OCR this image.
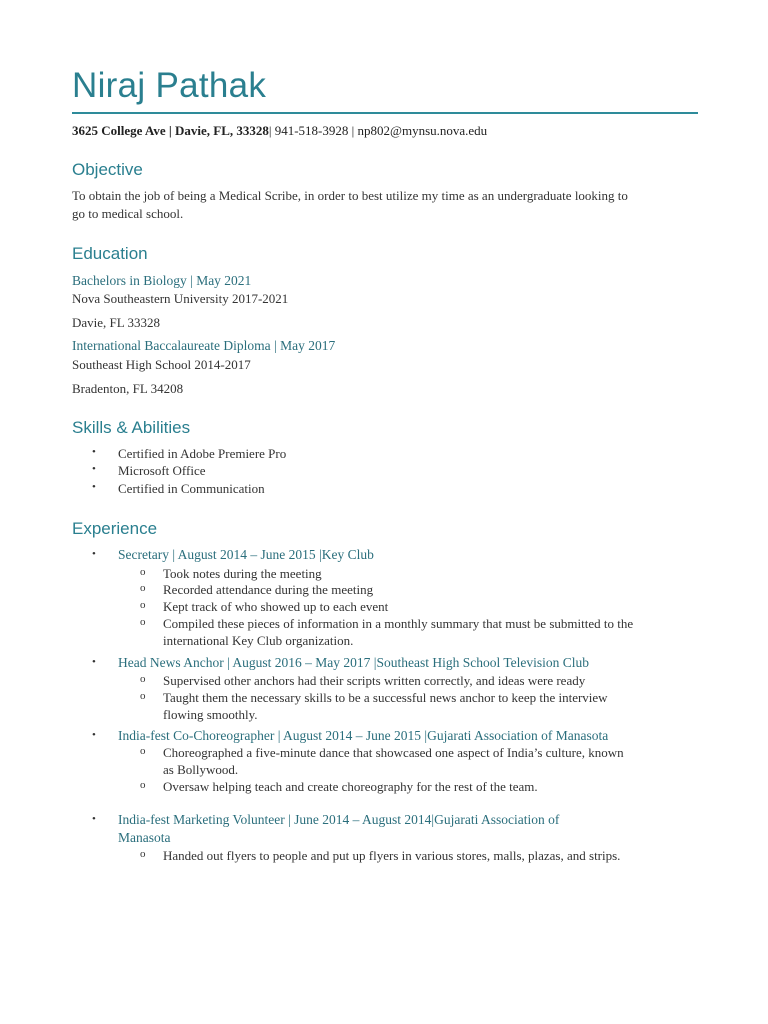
Niraj Pathak
3625 College Ave | Davie, FL, 33328| 941-518-3928 | np802@mynsu.nova.edu
Objective
To obtain the job of being a Medical Scribe, in order to best utilize my time as an undergraduate looking to
go to medical school.
Education
Bachelors in Biology | May 2021
Nova Southeastern University 2017-2021
Davie, FL 33328
International Baccalaureate Diploma | May 2017
Southeast High School 2014-2017
Bradenton, FL 34208
Skills & Abilities
•	Certified in Adobe Premiere Pro
•	Microsoft Office
•	Certified in Communication
Experience
•	Secretary | August 2014 – June 2015 |Key Club
o	Took notes during the meeting
o	Recorded attendance during the meeting
o	Kept track of who showed up to each event
o	Compiled these pieces of information in a monthly summary that must be submitted to the
international Key Club organization.
•	Head News Anchor | August 2016 – May 2017 |Southeast High School Television Club
o	Supervised other anchors had their scripts written correctly, and ideas were ready
o	Taught them the necessary skills to be a successful news anchor to keep the interview
flowing smoothly.
•	India-fest Co-Choreographer | August 2014 – June 2015 |Gujarati Association of Manasota
o	Choreographed a five-minute dance that showcased one aspect of India’s culture, known
as Bollywood.
o	Oversaw helping teach and create choreography for the rest of the team.
•	India-fest Marketing Volunteer | June 2014 – August 2014|Gujarati Association of
Manasota
o	Handed out flyers to people and put up flyers in various stores, malls, plazas, and strips.
